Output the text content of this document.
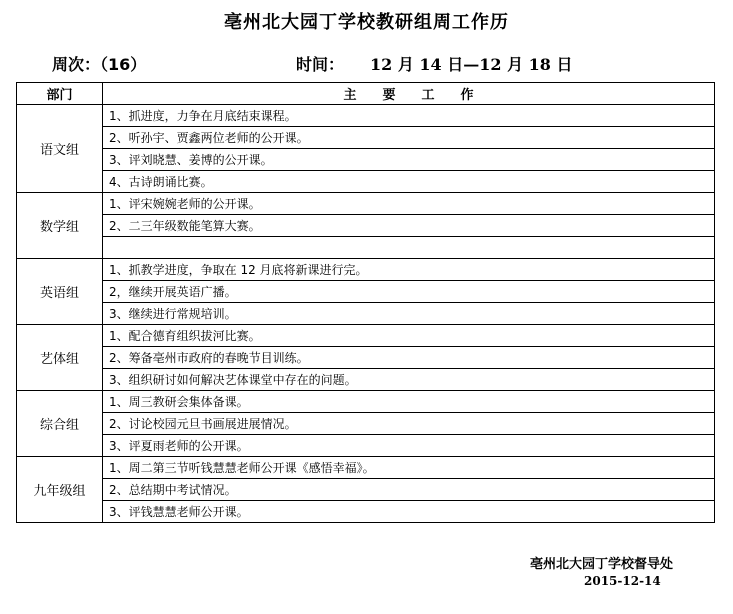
亳州北大园丁学校教研组周工作历
周次：（16）	时间： 12 月 14 日—12 月 18 日
部门	主　　要　　工　　作
语文组	1、抓进度，力争在月底结束课程。
	2、听孙宇、贾鑫两位老师的公开课。
	3、评刘晓慧、姜博的公开课。
	4、古诗朗诵比赛。
数学组	1、评宋婉婉老师的公开课。
	2、二三年级数能笔算大赛。

英语组	1、抓教学进度，争取在 12 月底将新课进行完。
	2，继续开展英语广播。
	3、继续进行常规培训。
艺体组	1、配合德育组织拔河比赛。
	2、筹备亳州市政府的春晚节目训练。
	3、组织研讨如何解决艺体课堂中存在的问题。
综合组	1、周三教研会集体备课。
	2、讨论校园元旦书画展进展情况。
	3、评夏雨老师的公开课。
九年级组	1、周二第三节听钱慧慧老师公开课《感悟幸福》。
	2、总结期中考试情况。
	3、评钱慧慧老师公开课。
亳州北大园丁学校督导处
2015-12-14
